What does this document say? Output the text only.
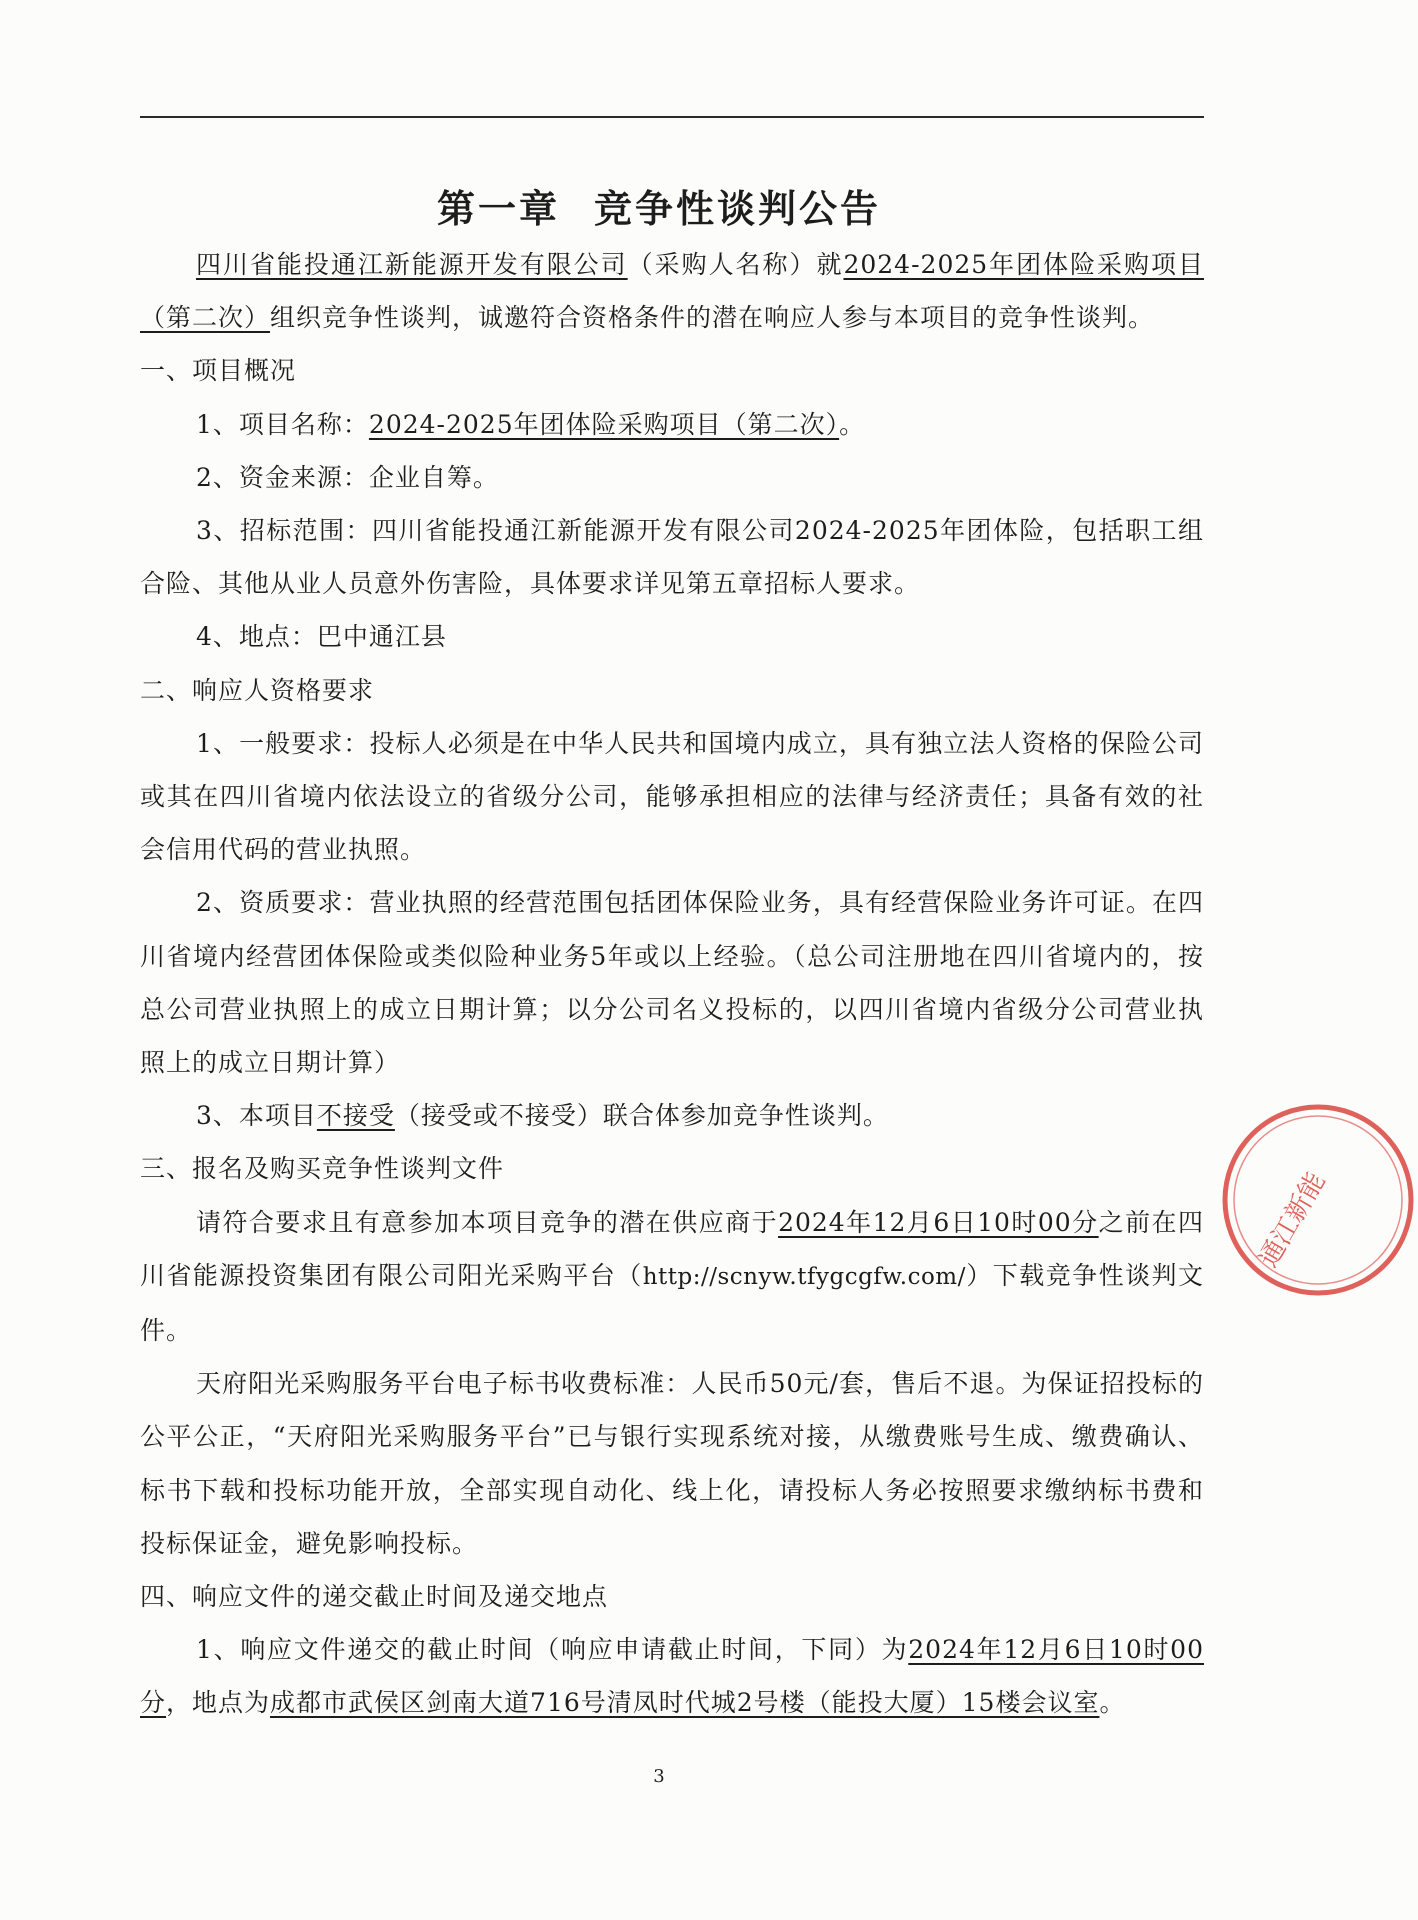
第一章 竞争性谈判公告

四川省能投通江新能源开发有限公司（采购人名称）就2024-2025年团体险采购项目（第二次）组织竞争性谈判，诚邀符合资格条件的潜在响应人参与本项目的竞争性谈判。

一、项目概况

1、项目名称：2024-2025年团体险采购项目（第二次）。

2、资金来源：企业自筹。

3、招标范围：四川省能投通江新能源开发有限公司2024-2025年团体险，包括职工组合险、其他从业人员意外伤害险，具体要求详见第五章招标人要求。

4、地点：巴中通江县

二、响应人资格要求

1、一般要求：投标人必须是在中华人民共和国境内成立，具有独立法人资格的保险公司或其在四川省境内依法设立的省级分公司，能够承担相应的法律与经济责任；具备有效的社会信用代码的营业执照。

2、资质要求：营业执照的经营范围包括团体保险业务，具有经营保险业务许可证。在四川省境内经营团体保险或类似险种业务5年或以上经验。（总公司注册地在四川省境内的，按总公司营业执照上的成立日期计算；以分公司名义投标的，以四川省境内省级分公司营业执照上的成立日期计算）

3、本项目不接受（接受或不接受）联合体参加竞争性谈判。

三、报名及购买竞争性谈判文件

请符合要求且有意参加本项目竞争的潜在供应商于2024年12月6日10时00分之前在四川省能源投资集团有限公司阳光采购平台（http://scnyw.tfygcgfw.com/）下载竞争性谈判文件。

天府阳光采购服务平台电子标书收费标准：人民币50元/套，售后不退。为保证招投标的公平公正，“天府阳光采购服务平台”已与银行实现系统对接，从缴费账号生成、缴费确认、标书下载和投标功能开放，全部实现自动化、线上化，请投标人务必按照要求缴纳标书费和投标保证金，避免影响投标。

四、响应文件的递交截止时间及递交地点

1、响应文件递交的截止时间（响应申请截止时间，下同）为2024年12月6日10时00分，地点为成都市武侯区剑南大道716号清凤时代城2号楼（能投大厦）15楼会议室。

3
通江新能
